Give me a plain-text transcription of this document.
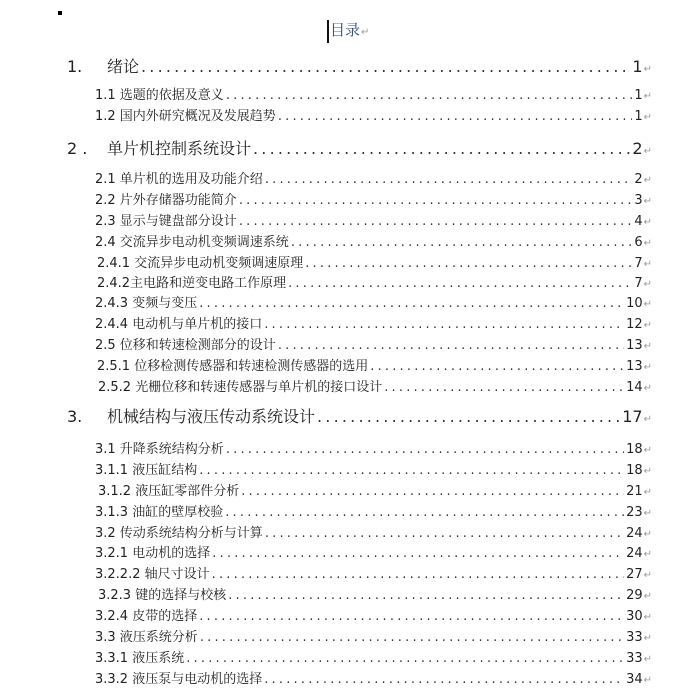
目录↵
1. 绪论 .....	1 ↵
1.1 选题的依据及意义 .....	1 ↵
1.2 国内外研究概况及发展趋势 .....	1 ↵
2 . 单片机控制系统设计 .....	2 ↵
2.1 单片机的选用及功能介绍 .....	2 ↵
2.2 片外存储器功能简介 .....	3 ↵
2.3 显示与键盘部分设计 .....	4 ↵
2.4 交流异步电动机变频调速系统 .....	6 ↵
2.4.1 交流异步电动机变频调速原理 .....	7 ↵
2.4.2主电路和逆变电路工作原理 .....	7 ↵
2.4.3 变频与变压 .....	10 ↵
2.4.4 电动机与单片机的接口 .....	12 ↵
2.5 位移和转速检测部分的设计 .....	13 ↵
2.5.1 位移检测传感器和转速检测传感器的选用 .....	13 ↵
2.5.2 光栅位移和转速传感器与单片机的接口设计 .....	14 ↵
3. 机械结构与液压传动系统设计 .....	17 ↵
3.1 升降系统结构分析 .....	18 ↵
3.1.1 液压缸结构 .....	18 ↵
3.1.2 液压缸零部件分析 .....	21 ↵
3.1.3 油缸的壁厚校验 .....	23 ↵
3.2 传动系统结构分析与计算 .....	24 ↵
3.2.1 电动机的选择 .....	24 ↵
3.2.2.2 轴尺寸设计 .....	27 ↵
3.2.3 键的选择与校核 .....	29 ↵
3.2.4 皮带的选择 .....	30 ↵
3.3 液压系统分析 .....	33 ↵
3.3.1 液压系统 .....	33 ↵
3.3.2 液压泵与电动机的选择 .....	34 ↵
